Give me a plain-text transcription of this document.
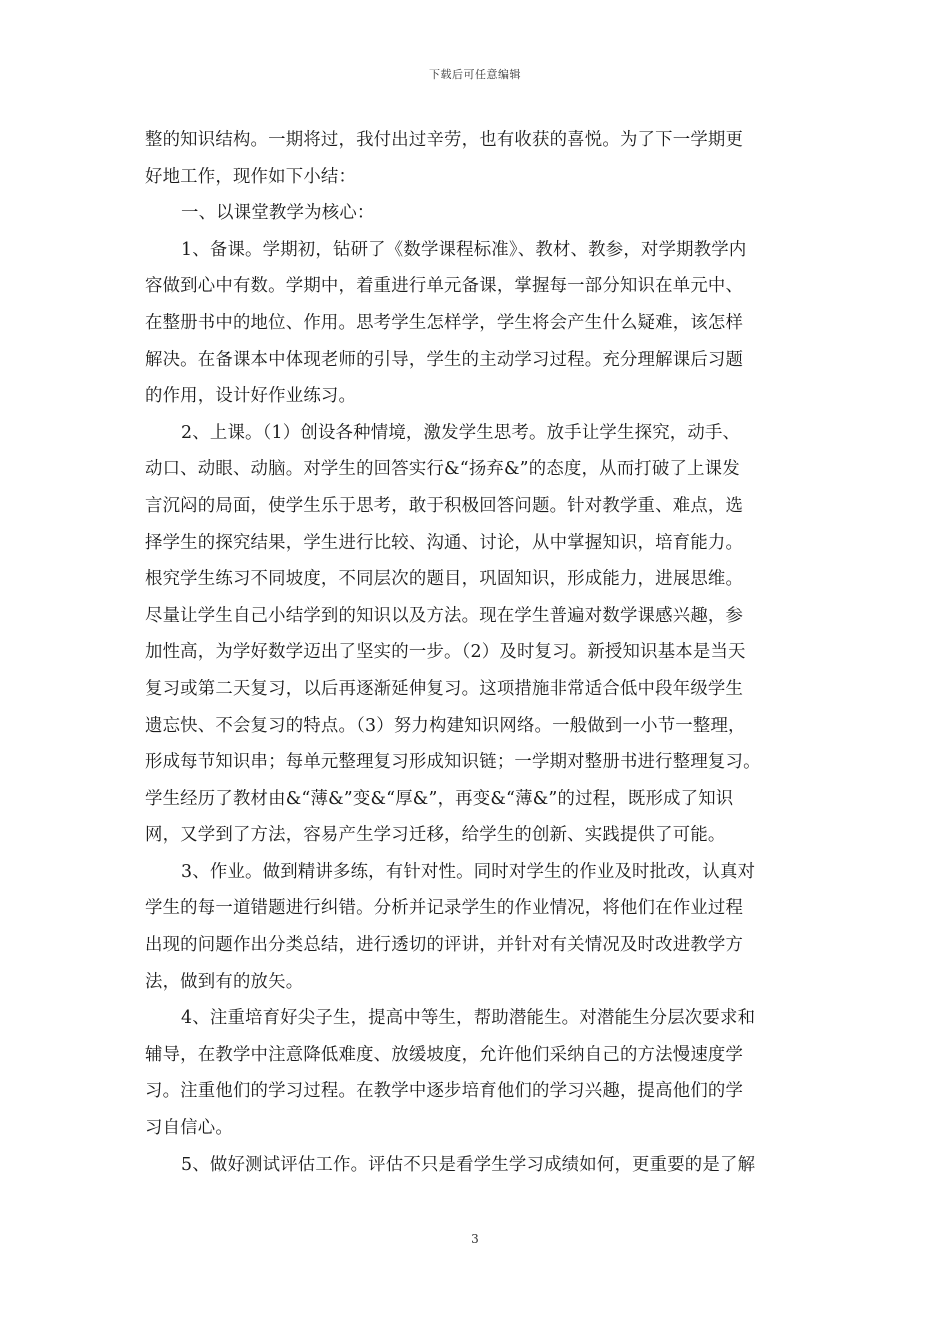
下载后可任意编辑
整的知识结构。一期将过，我付出过辛劳，也有收获的喜悦。为了下一学期更
好地工作，现作如下小结：
一、以课堂教学为核心：
1、备课。学期初，钻研了《数学课程标准》、教材、教参，对学期教学内
容做到心中有数。学期中，着重进行单元备课，掌握每一部分知识在单元中、
在整册书中的地位、作用。思考学生怎样学，学生将会产生什么疑难，该怎样
解决。在备课本中体现老师的引导，学生的主动学习过程。充分理解课后习题
的作用，设计好作业练习。
2、上课。（1）创设各种情境，激发学生思考。放手让学生探究，动手、
动口、动眼、动脑。对学生的回答实行&“扬弃&”的态度，从而打破了上课发
言沉闷的局面，使学生乐于思考，敢于积极回答问题。针对教学重、难点，选
择学生的探究结果，学生进行比较、沟通、讨论，从中掌握知识，培育能力。
根究学生练习不同坡度，不同层次的题目，巩固知识，形成能力，进展思维。
尽量让学生自己小结学到的知识以及方法。现在学生普遍对数学课感兴趣，参
加性高，为学好数学迈出了坚实的一步。（2）及时复习。新授知识基本是当天
复习或第二天复习，以后再逐渐延伸复习。这项措施非常适合低中段年级学生
遗忘快、不会复习的特点。（3）努力构建知识网络。一般做到一小节一整理，
形成每节知识串；每单元整理复习形成知识链；一学期对整册书进行整理复习。
学生经历了教材由&“薄&”变&“厚&”，再变&“薄&”的过程，既形成了知识
网，又学到了方法，容易产生学习迁移，给学生的创新、实践提供了可能。
3、作业。做到精讲多练，有针对性。同时对学生的作业及时批改，认真对
学生的每一道错题进行纠错。分析并记录学生的作业情况，将他们在作业过程
出现的问题作出分类总结，进行透切的评讲，并针对有关情况及时改进教学方
法，做到有的放矢。
4、注重培育好尖子生，提高中等生，帮助潜能生。对潜能生分层次要求和
辅导，在教学中注意降低难度、放缓坡度，允许他们采纳自己的方法慢速度学
习。注重他们的学习过程。在教学中逐步培育他们的学习兴趣，提高他们的学
习自信心。
5、做好测试评估工作。评估不只是看学生学习成绩如何，更重要的是了解
3
